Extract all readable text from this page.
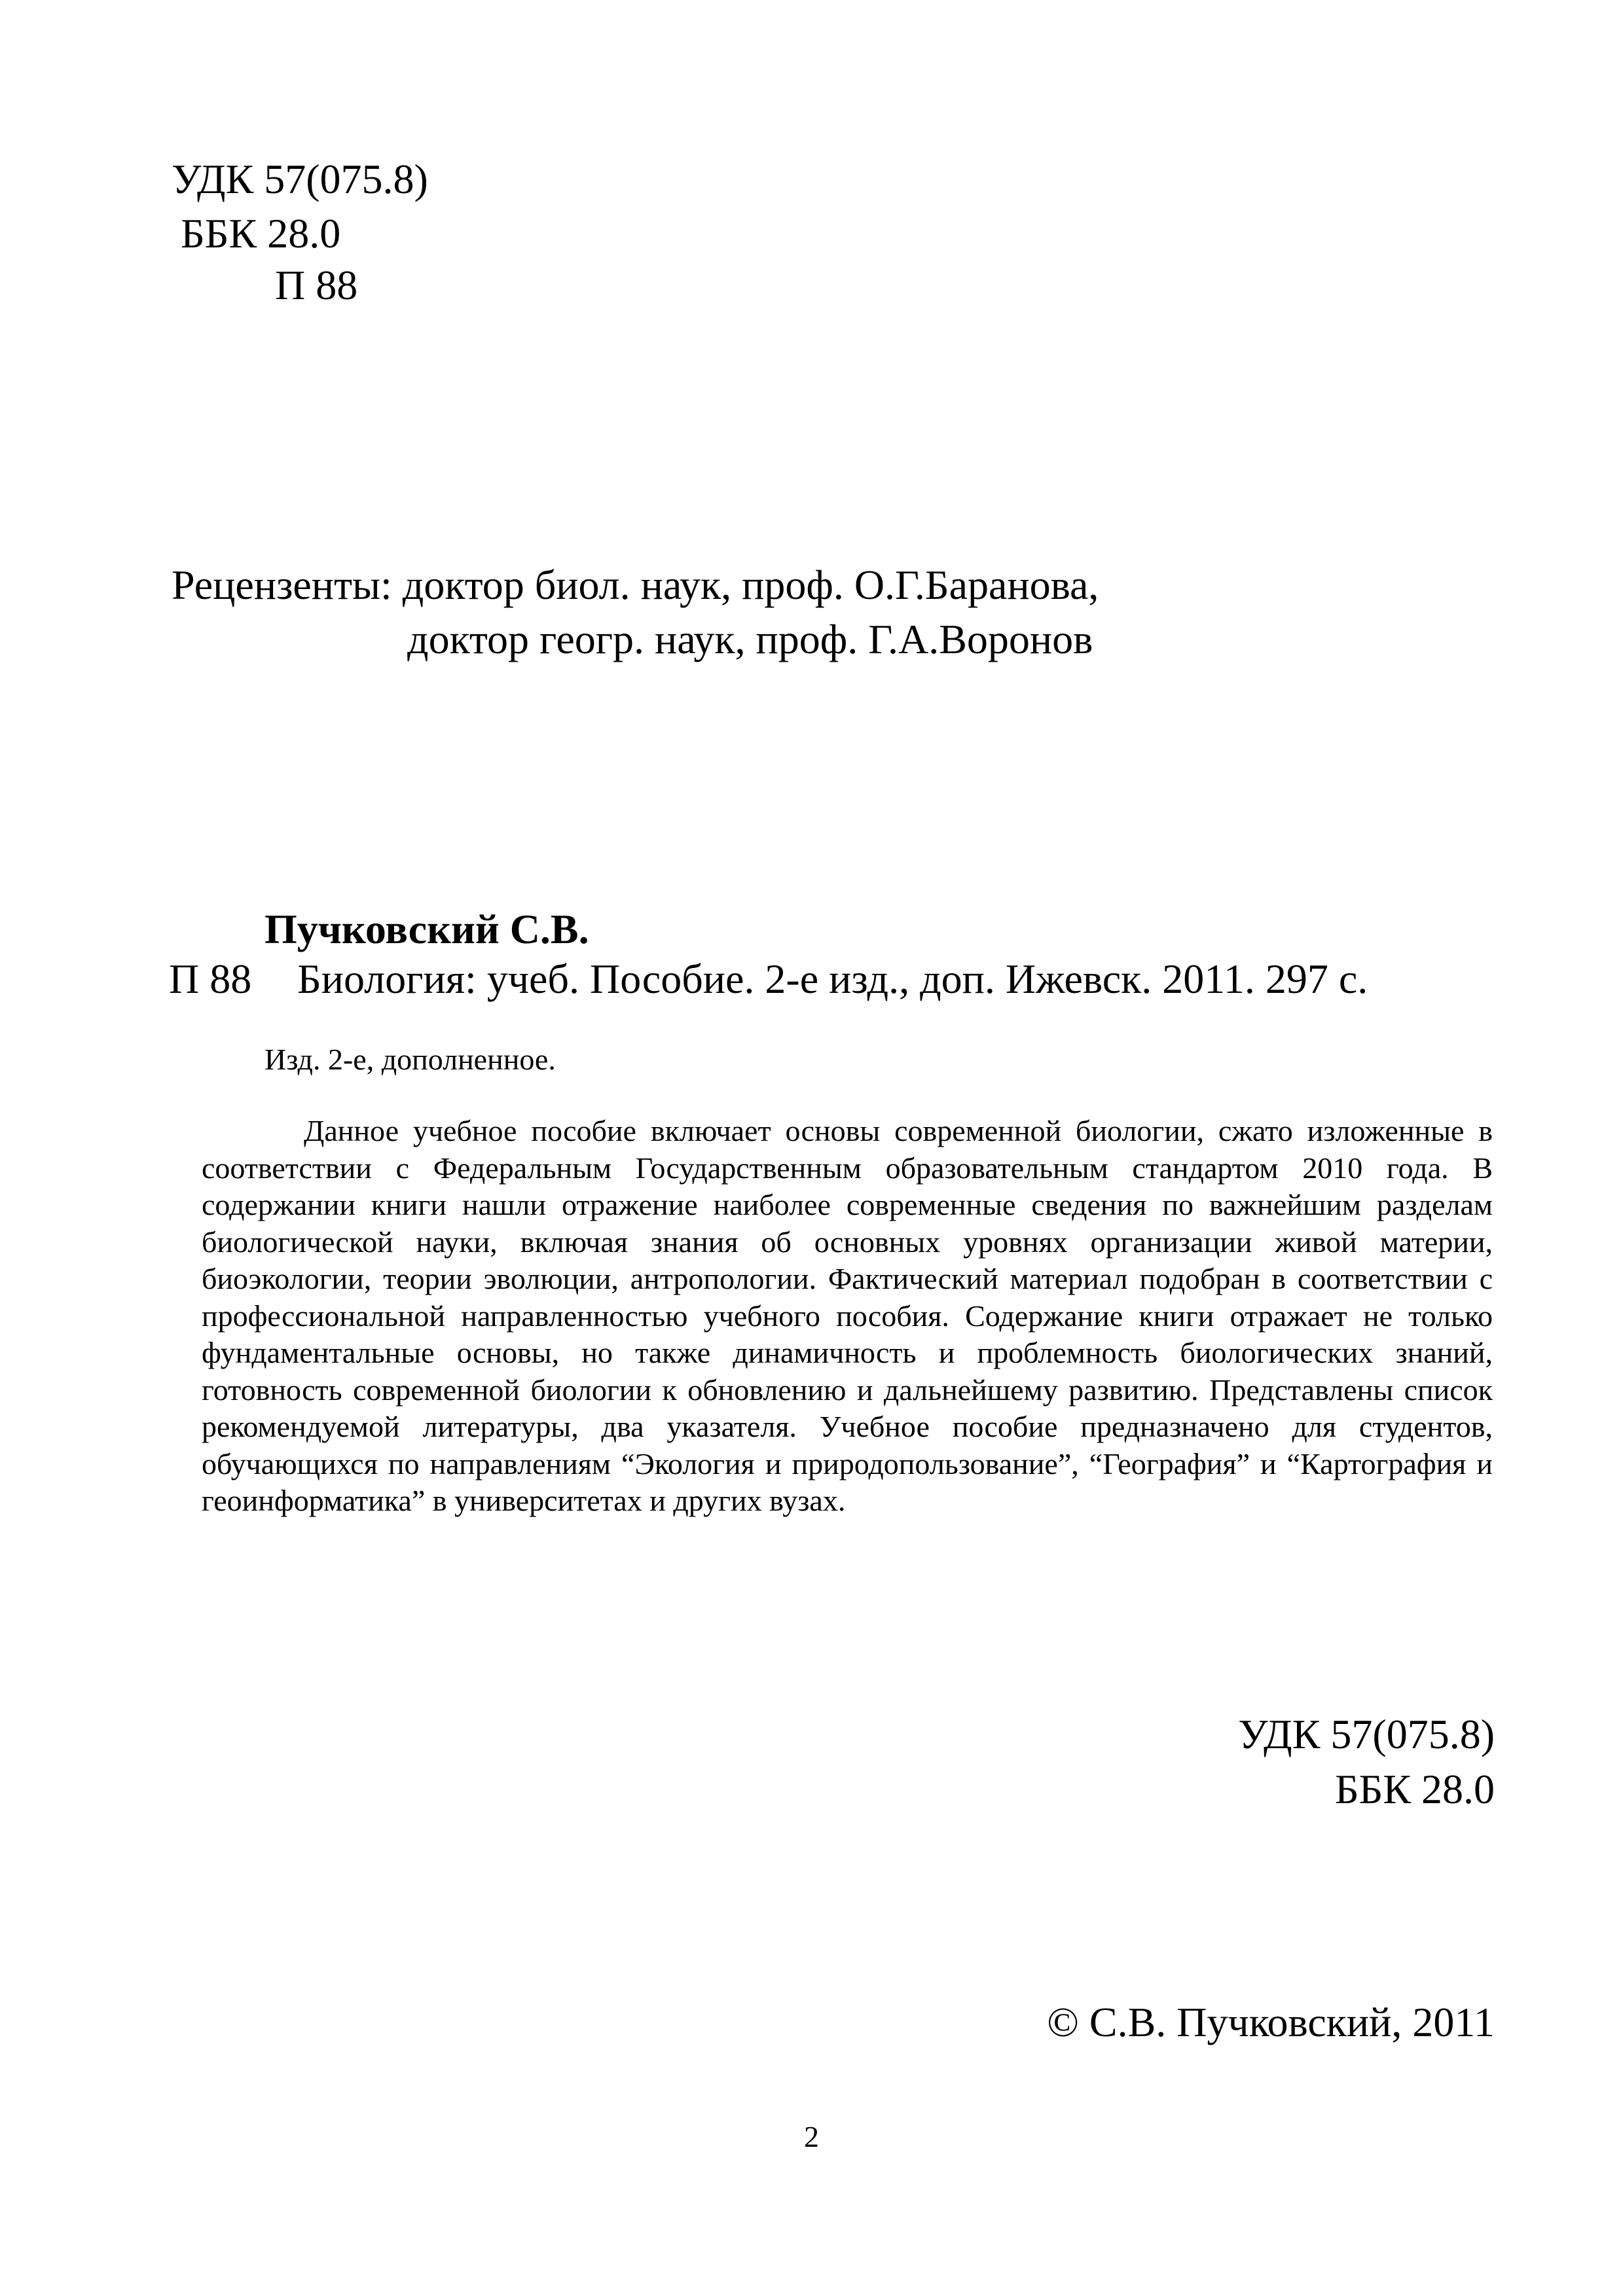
УДК 57(075.8)
ББК 28.0
П 88
Рецензенты: доктор биол. наук, проф. О.Г.Баранова,
доктор геогр. наук, проф. Г.А.Воронов
Пучковский С.В.
П 88 Биология: учеб. Пособие. 2-е изд., доп. Ижевск. 2011. 297 с.
Изд. 2-е, дополненное.

Данное учебное пособие включает основы современной биологии, сжато изложенные в соответствии с Федеральным Государственным образовательным стандартом 2010 года. В содержании книги нашли отражение наиболее современные сведения по важнейшим разделам биологической науки, включая знания об основных уровнях организации живой материи, биоэкологии, теории эволюции, антропологии. Фактический материал подобран в соответствии с профессиональной направленностью учебного пособия. Содержание книги отражает не только фундаментальные основы, но также динамичность и проблемность биологических знаний, готовность современной биологии к обновлению и дальнейшему развитию. Представлены список рекомендуемой литературы, два указателя. Учебное пособие предназначено для студентов, обучающихся по направлениям “Экология и природопользование”, “География” и “Картография и геоинформатика” в университетах и других вузах.

УДК 57(075.8)
ББК 28.0
© С.В. Пучковский, 2011
2
